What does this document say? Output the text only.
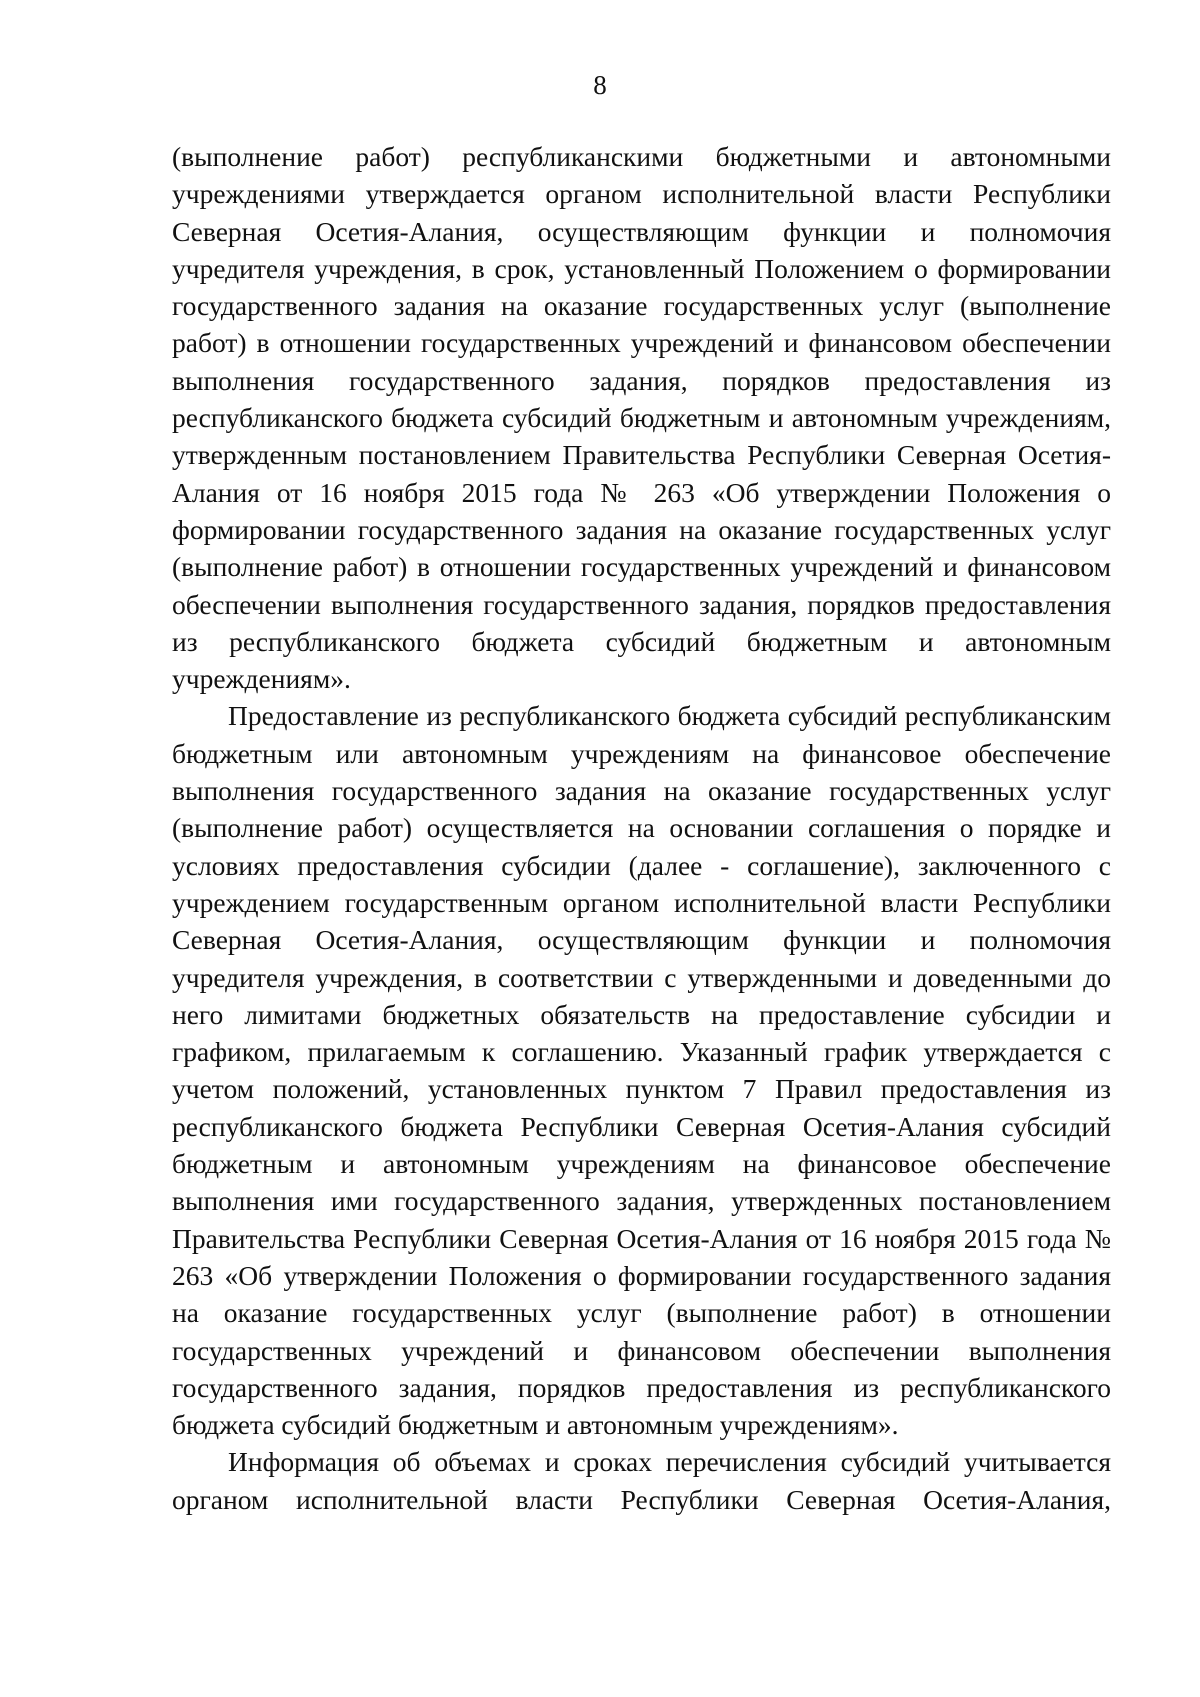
8

(выполнение работ) республиканскими бюджетными и автономными учреждениями утверждается органом исполнительной власти Республики Северная Осетия-Алания, осуществляющим функции и полномочия учредителя учреждения, в срок, установленный Положением о формировании государственного задания на оказание государственных услуг (выполнение работ) в отношении государственных учреждений и финансовом обеспечении выполнения государственного задания, порядков предоставления из республиканского бюджета субсидий бюджетным и автономным учреждениям, утвержденным постановлением Правительства Республики Северная Осетия-Алания от 16 ноября 2015 года № 263 «Об утверждении Положения о формировании государственного задания на оказание государственных услуг (выполнение работ) в отношении государственных учреждений и финансовом обеспечении выполнения государственного задания, порядков предоставления из республиканского бюджета субсидий бюджетным и автономным учреждениям».

Предоставление из республиканского бюджета субсидий республиканским бюджетным или автономным учреждениям на финансовое обеспечение выполнения государственного задания на оказание государственных услуг (выполнение работ) осуществляется на основании соглашения о порядке и условиях предоставления субсидии (далее - соглашение), заключенного с учреждением государственным органом исполнительной власти Республики Северная Осетия-Алания, осуществляющим функции и полномочия учредителя учреждения, в соответствии с утвержденными и доведенными до него лимитами бюджетных обязательств на предоставление субсидии и графиком, прилагаемым к соглашению. Указанный график утверждается с учетом положений, установленных пунктом 7 Правил предоставления из республиканского бюджета Республики Северная Осетия-Алания субсидий бюджетным и автономным учреждениям на финансовое обеспечение выполнения ими государственного задания, утвержденных постановлением Правительства Республики Северная Осетия-Алания от 16 ноября 2015 года № 263 «Об утверждении Положения о формировании государственного задания на оказание государственных услуг (выполнение работ) в отношении государственных учреждений и финансовом обеспечении выполнения государственного задания, порядков предоставления из республиканского бюджета субсидий бюджетным и автономным учреждениям».

Информация об объемах и сроках перечисления субсидий учитывается органом исполнительной власти Республики Северная Осетия-Алания,
